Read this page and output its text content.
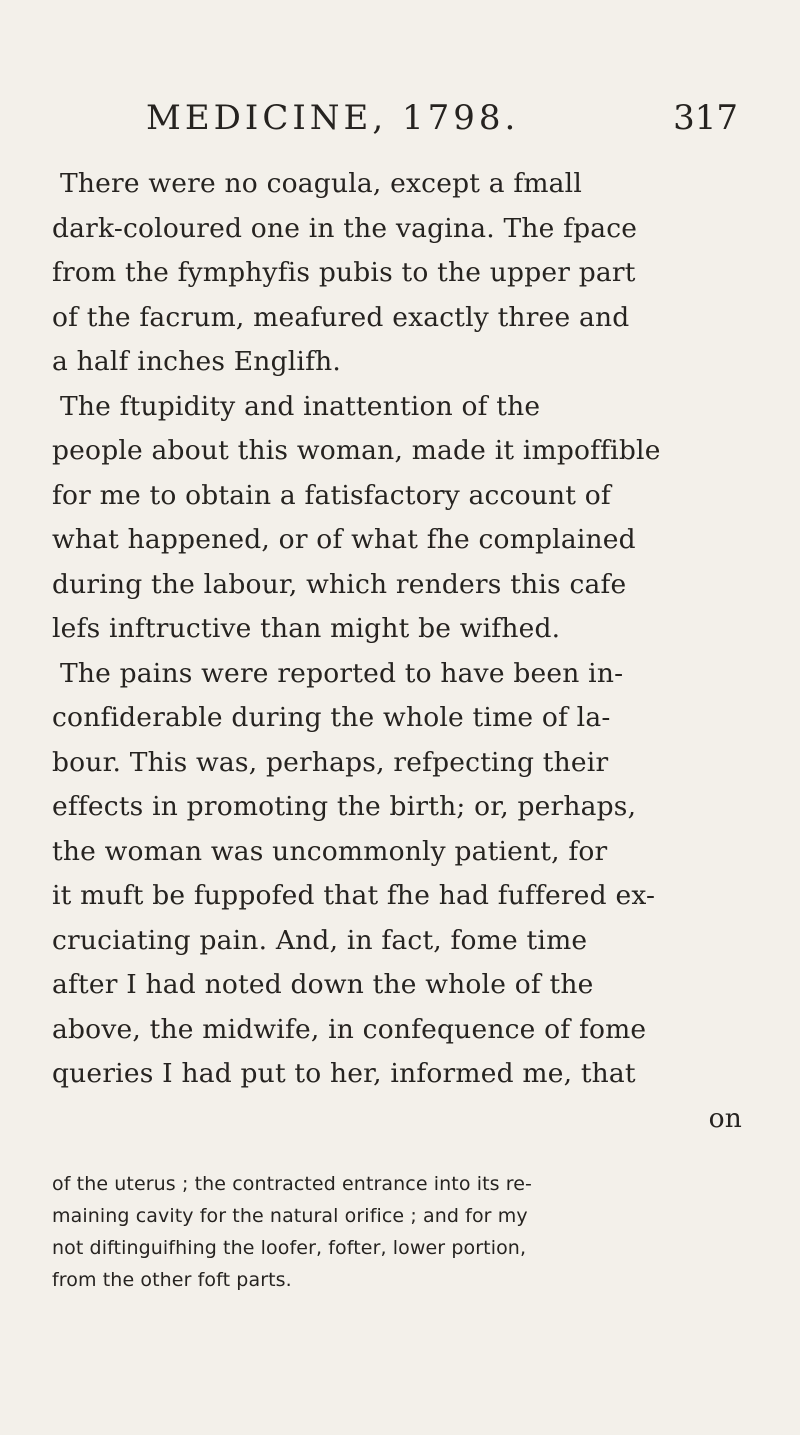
MEDICINE, 1798.	317

There were no coagula, except a fmall
dark-coloured one in the vagina. The fpace
from the fymphyfis pubis to the upper part
of the facrum, meafured exactly three and
a half inches Englifh.

The ftupidity and inattention of the
people about this woman, made it impoffible
for me to obtain a fatisfactory account of
what happened, or of what fhe complained
during the labour, which renders this cafe
lefs inftructive than might be wifhed.

The pains were reported to have been in-
confiderable during the whole time of la-
bour. This was, perhaps, refpecting their
effects in promoting the birth; or, perhaps,
the woman was uncommonly patient, for
it muft be fuppofed that fhe had fuffered ex-
cruciating pain. And, in fact, fome time
after I had noted down the whole of the
above, the midwife, in confequence of fome
queries I had put to her, informed me, that
on

of the uterus ; the contracted entrance into its re-
maining cavity for the natural orifice ; and for my
not diftinguifhing the loofer, fofter, lower portion,
from the other foft parts.
